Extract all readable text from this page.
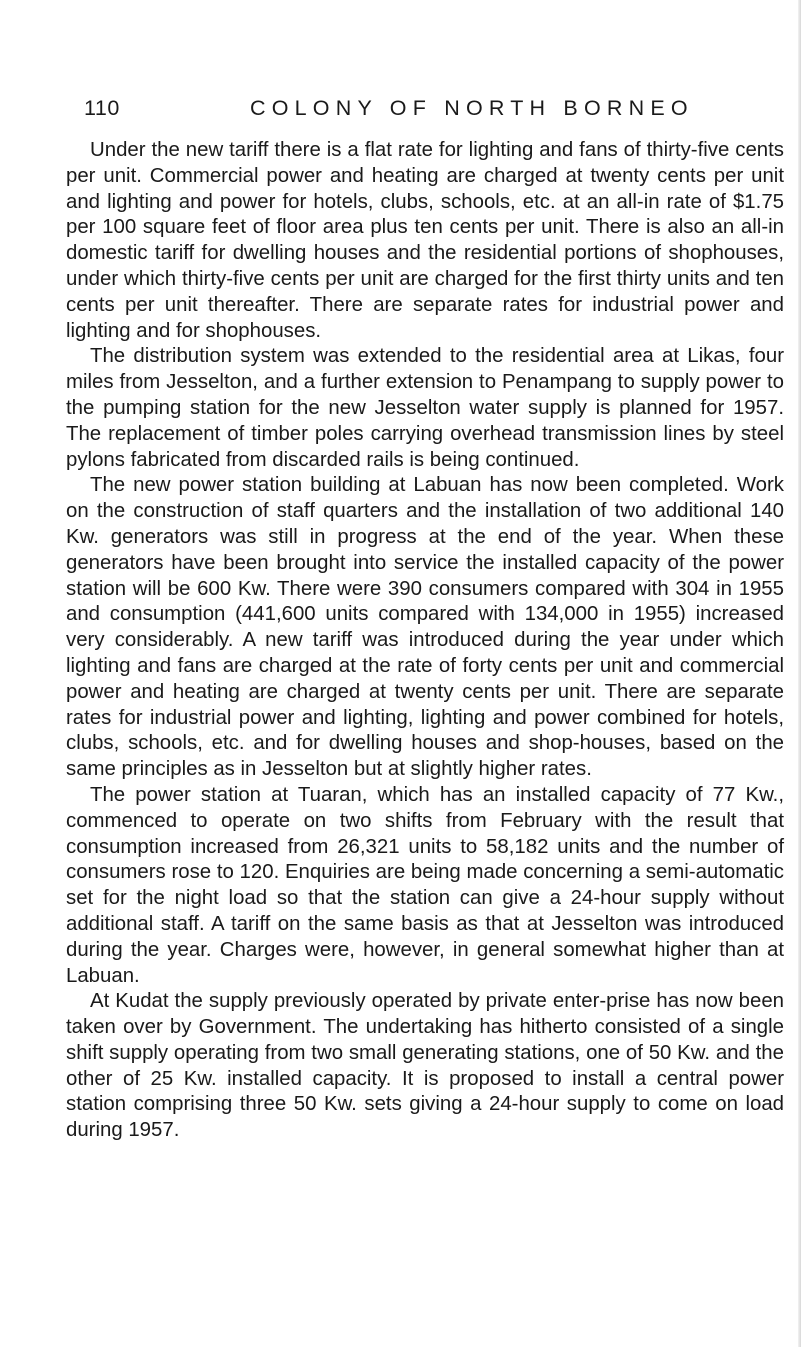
110	COLONY OF NORTH BORNEO

Under the new tariff there is a flat rate for lighting and fans of thirty-five cents per unit. Commercial power and heating are charged at twenty cents per unit and lighting and power for hotels, clubs, schools, etc. at an all-in rate of $1.75 per 100 square feet of floor area plus ten cents per unit. There is also an all-in domestic tariff for dwelling houses and the residential portions of shophouses, under which thirty-five cents per unit are charged for the first thirty units and ten cents per unit thereafter. There are separate rates for industrial power and lighting and for shophouses.

The distribution system was extended to the residential area at Likas, four miles from Jesselton, and a further extension to Penampang to supply power to the pumping station for the new Jesselton water supply is planned for 1957. The replacement of timber poles carrying overhead transmission lines by steel pylons fabricated from discarded rails is being continued.

The new power station building at Labuan has now been completed. Work on the construction of staff quarters and the installation of two additional 140 Kw. generators was still in progress at the end of the year. When these generators have been brought into service the installed capacity of the power station will be 600 Kw. There were 390 consumers compared with 304 in 1955 and consumption (441,600 units compared with 134,000 in 1955) increased very considerably. A new tariff was introduced during the year under which lighting and fans are charged at the rate of forty cents per unit and commercial power and heating are charged at twenty cents per unit. There are separate rates for industrial power and lighting, lighting and power combined for hotels, clubs, schools, etc. and for dwelling houses and shop-houses, based on the same principles as in Jesselton but at slightly higher rates.

The power station at Tuaran, which has an installed capacity of 77 Kw., commenced to operate on two shifts from February with the result that consumption increased from 26,321 units to 58,182 units and the number of consumers rose to 120. Enquiries are being made concerning a semi-automatic set for the night load so that the station can give a 24-hour supply without additional staff. A tariff on the same basis as that at Jesselton was introduced during the year. Charges were, however, in general somewhat higher than at Labuan.

At Kudat the supply previously operated by private enter-prise has now been taken over by Government. The undertaking has hitherto consisted of a single shift supply operating from two small generating stations, one of 50 Kw. and the other of 25 Kw. installed capacity. It is proposed to install a central power station comprising three 50 Kw. sets giving a 24-hour supply to come on load during 1957.
